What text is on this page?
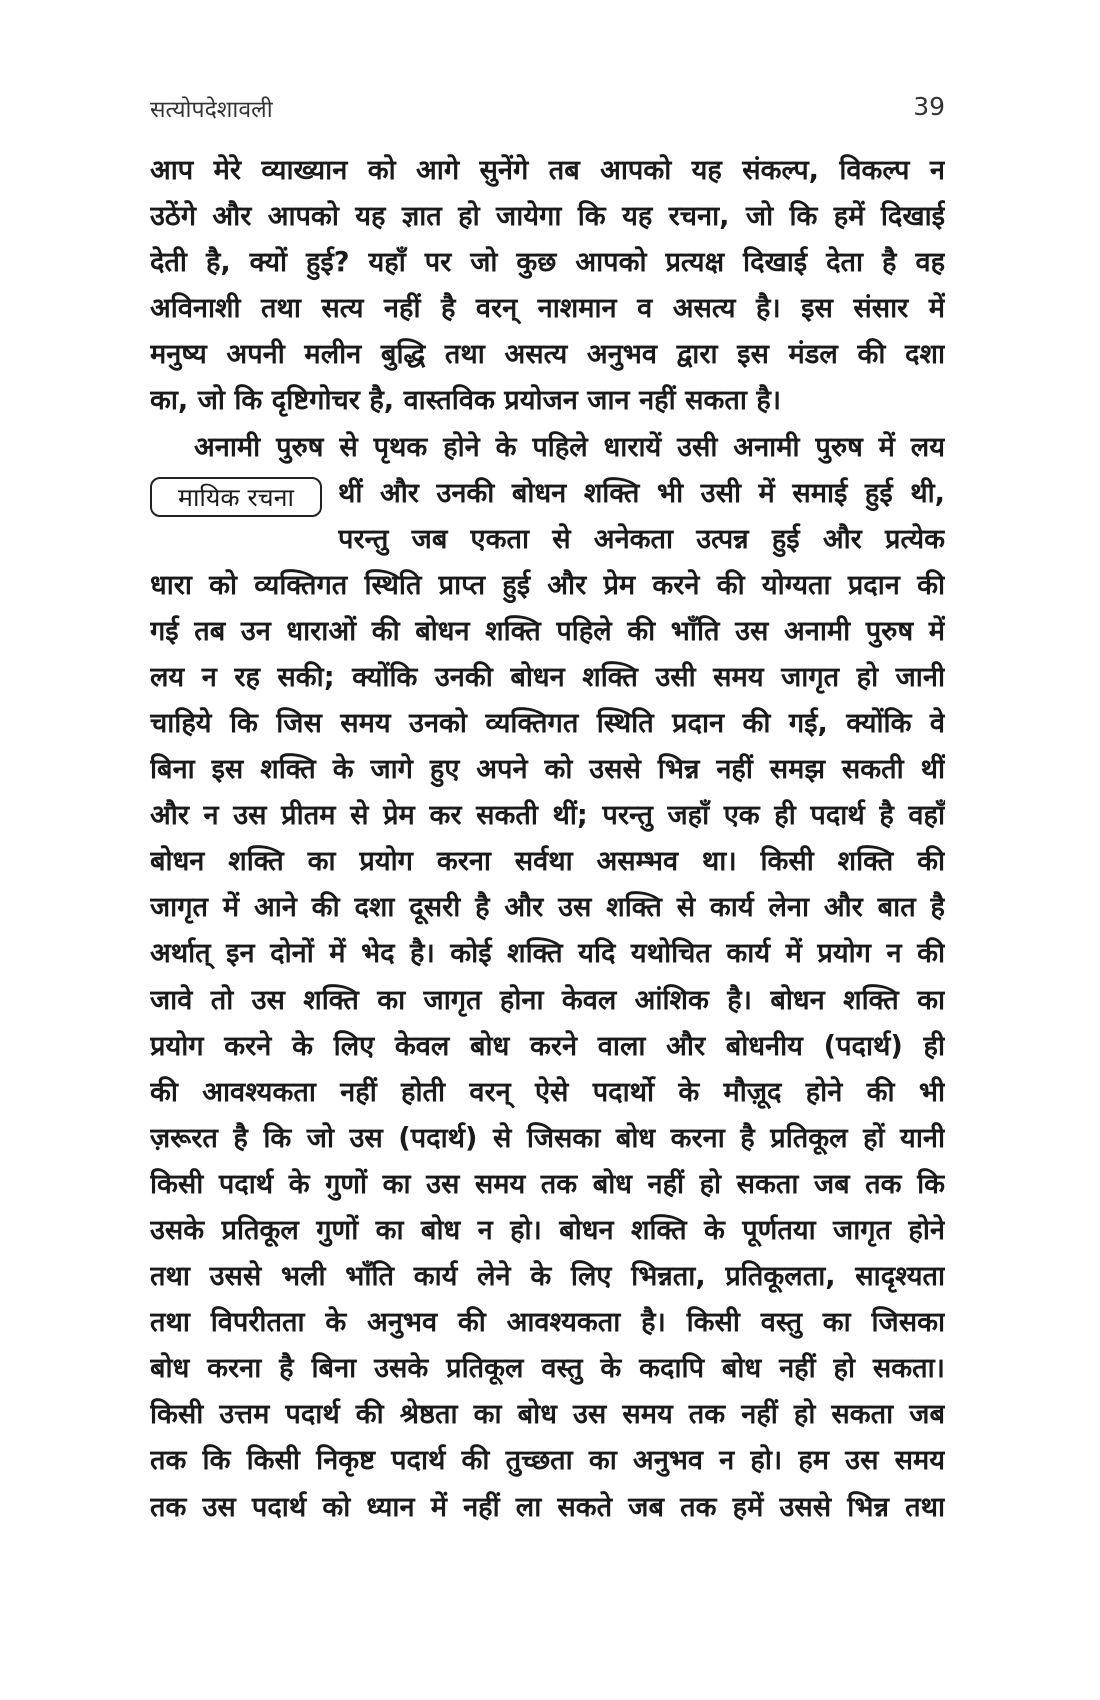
सत्योपदेशावली	39

आप मेरे व्याख्यान को आगे सुनेंगे तब आपको यह संकल्प, विकल्प न
उठेंगे और आपको यह ज्ञात हो जायेगा कि यह रचना, जो कि हमें दिखाई
देती है, क्यों हुई? यहाँ पर जो कुछ आपको प्रत्यक्ष दिखाई देता है वह
अविनाशी तथा सत्य नहीं है वरन् नाशमान व असत्य है। इस संसार में
मनुष्य अपनी मलीन बुद्धि तथा असत्य अनुभव द्वारा इस मंडल की दशा
का, जो कि दृष्टिगोचर है, वास्तविक प्रयोजन जान नहीं सकता है।

अनामी पुरुष से पृथक होने के पहिले धारायें उसी अनामी पुरुष में लय
मायिक रचना	थीं और उनकी बोधन शक्ति भी उसी में समाई हुई थी,
परन्तु जब एकता से अनेकता उत्पन्न हुई और प्रत्येक
धारा को व्यक्तिगत स्थिति प्राप्त हुई और प्रेम करने की योग्यता प्रदान की
गई तब उन धाराओं की बोधन शक्ति पहिले की भाँति उस अनामी पुरुष में
लय न रह सकी; क्योंकि उनकी बोधन शक्ति उसी समय जागृत हो जानी
चाहिये कि जिस समय उनको व्यक्तिगत स्थिति प्रदान की गई, क्योंकि वे
बिना इस शक्ति के जागे हुए अपने को उससे भिन्न नहीं समझ सकती थीं
और न उस प्रीतम से प्रेम कर सकती थीं; परन्तु जहाँ एक ही पदार्थ है वहाँ
बोधन शक्ति का प्रयोग करना सर्वथा असम्भव था। किसी शक्ति की
जागृत में आने की दशा दूसरी है और उस शक्ति से कार्य लेना और बात है
अर्थात् इन दोनों में भेद है। कोई शक्ति यदि यथोचित कार्य में प्रयोग न की
जावे तो उस शक्ति का जागृत होना केवल आंशिक है। बोधन शक्ति का
प्रयोग करने के लिए केवल बोध करने वाला और बोधनीय (पदार्थ) ही
की आवश्यकता नहीं होती वरन् ऐसे पदार्थो के मौज़ूद होने की भी
ज़रूरत है कि जो उस (पदार्थ) से जिसका बोध करना है प्रतिकूल हों यानी
किसी पदार्थ के गुणों का उस समय तक बोध नहीं हो सकता जब तक कि
उसके प्रतिकूल गुणों का बोध न हो। बोधन शक्ति के पूर्णतया जागृत होने
तथा उससे भली भाँति कार्य लेने के लिए भिन्नता, प्रतिकूलता, सादृश्यता
तथा विपरीतता के अनुभव की आवश्यकता है। किसी वस्तु का जिसका
बोध करना है बिना उसके प्रतिकूल वस्तु के कदापि बोध नहीं हो सकता।
किसी उत्तम पदार्थ की श्रेष्ठता का बोध उस समय तक नहीं हो सकता जब
तक कि किसी निकृष्ट पदार्थ की तुच्छता का अनुभव न हो। हम उस समय
तक उस पदार्थ को ध्यान में नहीं ला सकते जब तक हमें उससे भिन्न तथा
